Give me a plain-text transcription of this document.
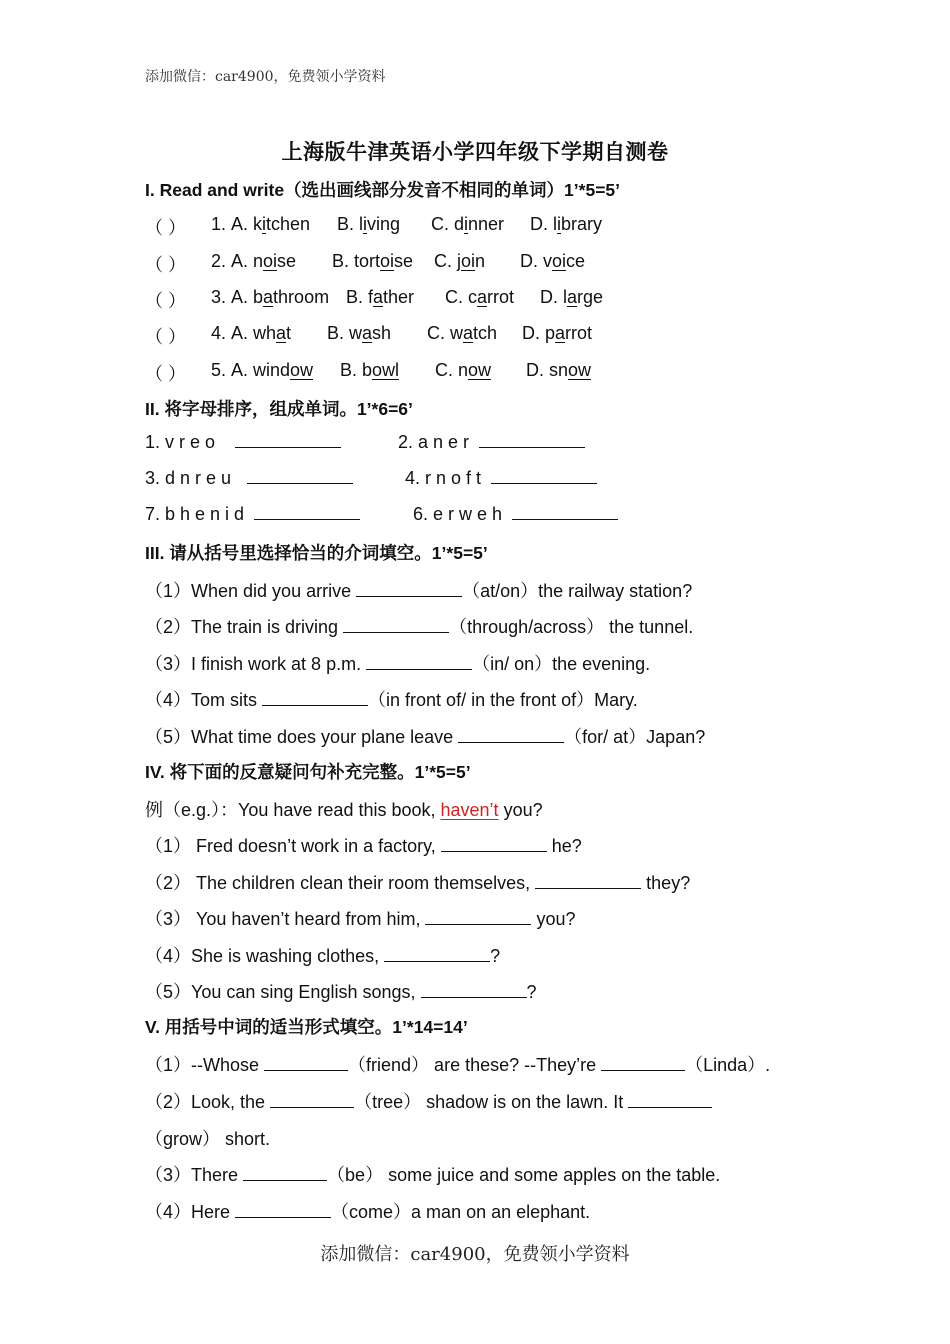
添加微信：car4900，免费领小学资料
上海版牛津英语小学四年级下学期自测卷
I. Read and write（选出画线部分发音不相同的单词）1’*5=5’
（ ） 1. A. kitchen B. living C. dinner D. library
（ ） 2. A. noise B. tortoise C. join D. voice
（ ） 3. A. bathroom B. father C. carrot D. large
（ ） 4. A. what B. wash C. watch D. parrot
（ ） 5. A. window B. bowl C. now D. snow
II. 将字母排序，组成单词。1’*6=6’
1. v r e o	2. a n e r
3. d n r e u	4. r n o f t
7. b h e n i d	6. e r w e h
III. 请从括号里选择恰当的介词填空。1’*5=5’
（1）When did you arrive	（at/on）the railway station?
（2）The train is driving	（through/across） the tunnel.
（3）I finish work at 8 p.m.	（in/ on）the evening.
（4）Tom sits	（in front of/ in the front of）Mary.
（5）What time does your plane leave	（for/ at）Japan?
IV. 将下面的反意疑问句补充完整。1’*5=5’
例（e.g.）：You have read this book, haven’t you?
（1） Fred doesn’t work in a factory,	he?
（2） The children clean their room themselves,	they?
（3） You haven’t heard from him,	you?
（4）She is washing clothes,	?
（5）You can sing English songs,	?
V. 用括号中词的适当形式填空。1’*14=14’
（1）--Whose	（friend） are these? --They’re	（Linda）.
（2）Look, the	（tree） shadow is on the lawn. It
（grow） short.
（3）There	（be） some juice and some apples on the table.
（4）Here	（come）a man on an elephant.
添加微信：car4900，免费领小学资料
